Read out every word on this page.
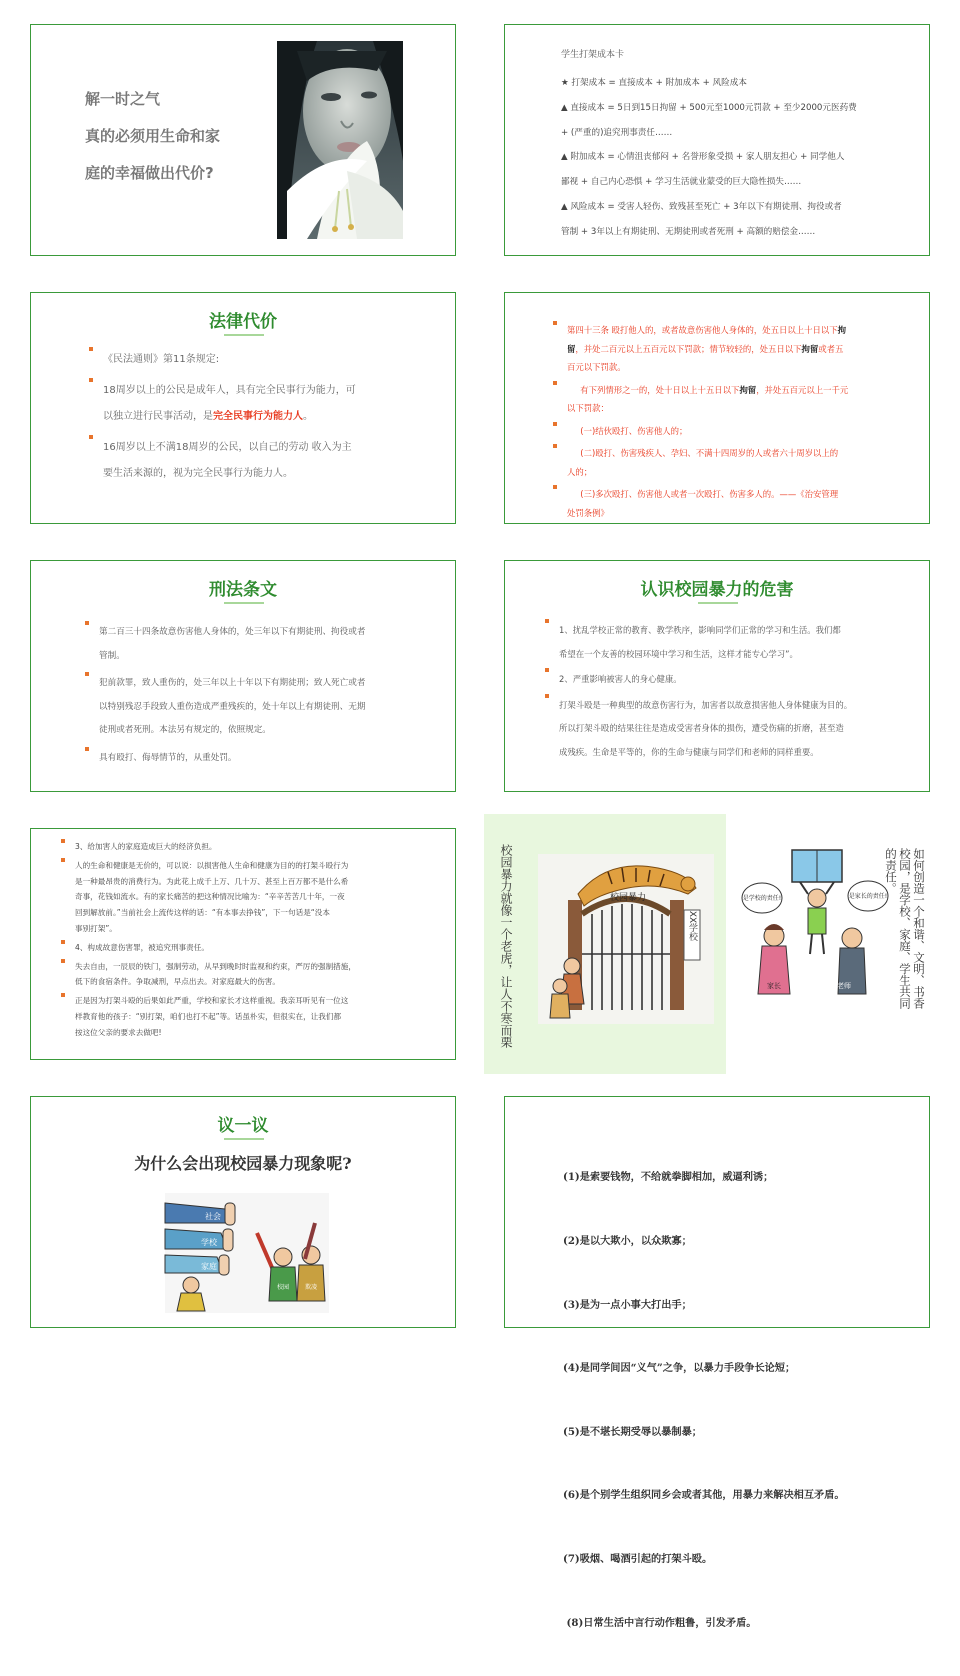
解一时之气
真的必须用生命和家
庭的幸福做出代价?
学生打架成本卡
★ 打架成本 = 直接成本 + 附加成本 + 风险成本
▲ 直接成本 = 5日到15日拘留 + 500元至1000元罚款 + 至少2000元医药费
+ (严重的)追究刑事责任……
▲ 附加成本 = 心情沮丧郁闷 + 名誉形象受损 + 家人朋友担心 + 同学他人
鄙视 + 自己内心恐惧 + 学习生活就业蒙受的巨大隐性损失……
▲ 风险成本 = 受害人轻伤、致残甚至死亡 + 3年以下有期徒刑、拘役或者
管制 + 3年以上有期徒刑、无期徒刑或者死刑 + 高额的赔偿金……
法律代价
《民法通则》第11条规定:
18周岁以上的公民是成年人，具有完全民事行为能力，可
以独立进行民事活动，是完全民事行为能力人。
16周岁以上不满18周岁的公民，以自己的劳动 收入为主
要生活来源的，视为完全民事行为能力人。
第四十三条 殴打他人的，或者故意伤害他人身体的，处五日以上十日以下拘
留，并处二百元以上五百元以下罚款；情节较轻的，处五日以下拘留或者五
百元以下罚款。
有下列情形之一的，处十日以上十五日以下拘留，并处五百元以上一千元
以下罚款：
(一)结伙殴打、伤害他人的；
(二)殴打、伤害残疾人、孕妇、不满十四周岁的人或者六十周岁以上的
人的；
(三)多次殴打、伤害他人或者一次殴打、伤害多人的。——《治安管理
处罚条例》
刑法条文
第二百三十四条故意伤害他人身体的，处三年以下有期徒刑、拘役或者
管制。
犯前款罪，致人重伤的，处三年以上十年以下有期徒刑；致人死亡或者
以特别残忍手段致人重伤造成严重残疾的，处十年以上有期徒刑、无期
徒刑或者死刑。本法另有规定的，依照规定。
具有殴打、侮辱情节的，从重处罚。
认识校园暴力的危害
1、扰乱学校正常的教育、教学秩序，影响同学们正常的学习和生活。我们都
希望在一个友善的校园环境中学习和生活，这样才能专心学习”。
2、严重影响被害人的身心健康。
打架斗殴是一种典型的故意伤害行为，加害者以故意损害他人身体健康为目的。
所以打架斗殴的结果往往是造成受害者身体的损伤，遭受伤痛的折磨，甚至造
成残疾。生命是平等的，你的生命与健康与同学们和老师的同样重要。
3、给加害人的家庭造成巨大的经济负担。
人的生命和健康是无价的，可以说：以损害他人生命和健康为目的的打架斗殴行为
是一种最昂贵的消费行为。为此花上成千上万、几十万、甚至上百万都不是什么希
奇事，花钱如流水。有的家长痛苦的把这种情况比喻为：“辛辛苦苦几十年，一夜
回到解放前。”当前社会上流传这样的话：“有本事去挣钱”，下一句话是“没本
事别打架”。
4、构成故意伤害罪，被追究刑事责任。
失去自由，一辰辰的铁门，强制劳动，从早到晚时时监视和约束，严厉的强制措施，
低下的食宿条件。争取减刑，早点出去。对家庭最大的伤害。
正是因为打架斗殴的后果如此严重，学校和家长才这样重视。我亲耳听见有一位这
样教育他的孩子：“别打架，咱们也打不起”等。话虽朴实，但很实在，让我们都
按这位父亲的要求去做吧!	校园暴力就像一个老虎，让人不寒而栗	XX学校
校园暴力	是学校的责任!	是家长的责任!
家长	老师	如何创造一个和谐、文明、书香校园，是学校、家庭、学生共同的责任。
议一议
为什么会出现校园暴力现象呢?
社会
学校
家庭
校园	欺凌

(1)是索要钱物，不给就拳脚相加，威逼利诱；

(2)是以大欺小，以众欺寡；

(3)是为一点小事大打出手；

(4)是同学间因“义气”之争，以暴力手段争长论短；

(5)是不堪长期受辱以暴制暴；

(6)是个别学生组织同乡会或者其他，用暴力来解决相互矛盾。

(7)吸烟、喝酒引起的打架斗殴。

(8)日常生活中言行动作粗鲁，引发矛盾。
